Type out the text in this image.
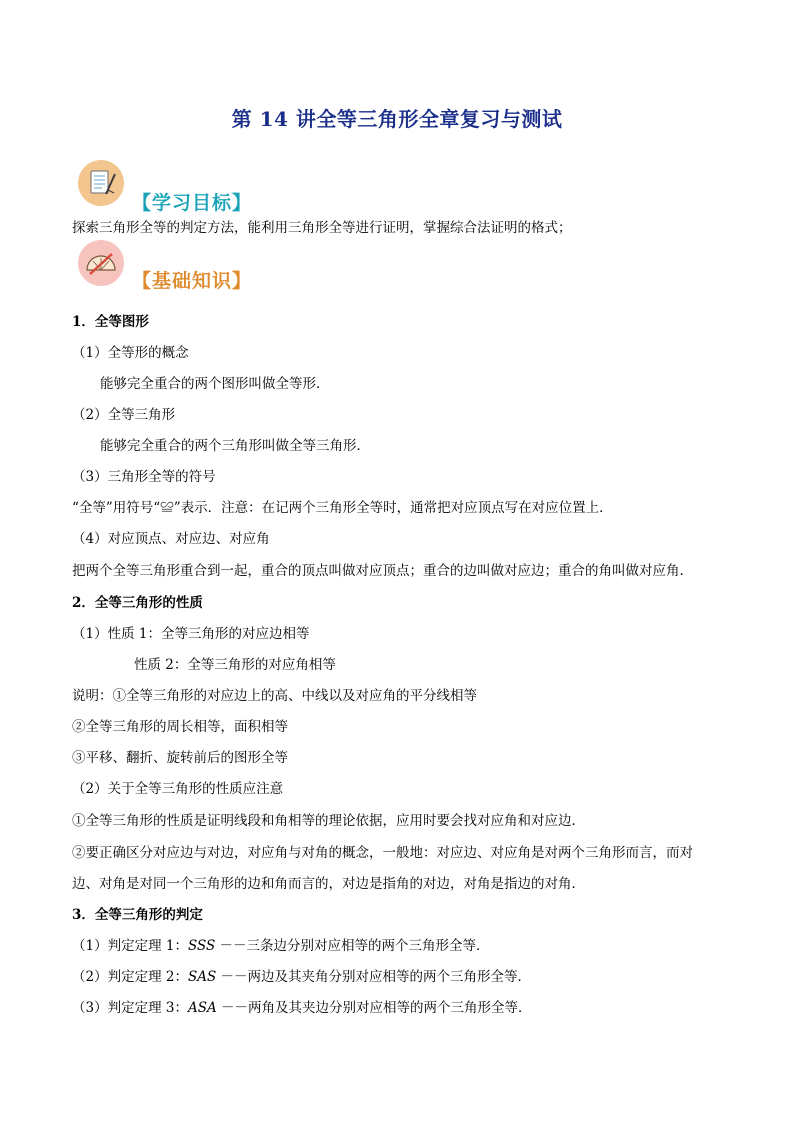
第 14 讲全等三角形全章复习与测试
【学习目标】
探索三角形全等的判定方法，能利用三角形全等进行证明，掌握综合法证明的格式；
【基础知识】
1．全等图形
（1）全等形的概念
能够完全重合的两个图形叫做全等形．
（2）全等三角形
能够完全重合的两个三角形叫做全等三角形．
（3）三角形全等的符号
“全等”用符号“≌”表示．注意：在记两个三角形全等时，通常把对应顶点写在对应位置上．
（4）对应顶点、对应边、对应角
把两个全等三角形重合到一起，重合的顶点叫做对应顶点；重合的边叫做对应边；重合的角叫做对应角．
2．全等三角形的性质
（1）性质 1：全等三角形的对应边相等
性质 2：全等三角形的对应角相等
说明：①全等三角形的对应边上的高、中线以及对应角的平分线相等
②全等三角形的周长相等，面积相等
③平移、翻折、旋转前后的图形全等
（2）关于全等三角形的性质应注意
①全等三角形的性质是证明线段和角相等的理论依据，应用时要会找对应角和对应边．
②要正确区分对应边与对边，对应角与对角的概念，一般地：对应边、对应角是对两个三角形而言，而对
边、对角是对同一个三角形的边和角而言的，对边是指角的对边，对角是指边的对角．
3．全等三角形的判定
（1）判定定理 1：SSS －－三条边分别对应相等的两个三角形全等．
（2）判定定理 2：SAS －－两边及其夹角分别对应相等的两个三角形全等．
（3）判定定理 3：ASA －－两角及其夹边分别对应相等的两个三角形全等．
